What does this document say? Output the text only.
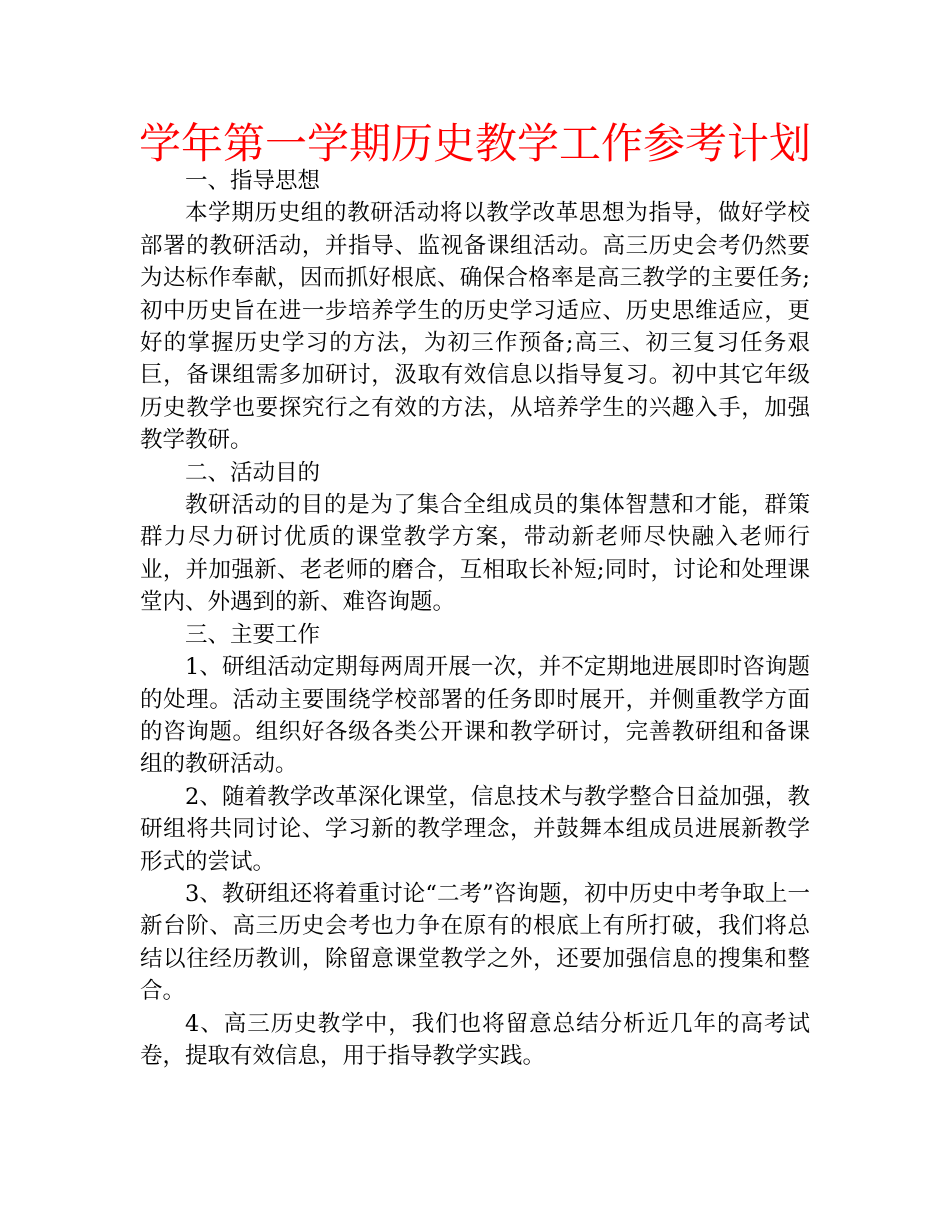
学年第一学期历史教学工作参考计划

一、指导思想

本学期历史组的教研活动将以教学改革思想为指导，做好学校部署的教研活动，并指导、监视备课组活动。高三历史会考仍然要为达标作奉献，因而抓好根底、确保合格率是高三教学的主要任务;初中历史旨在进一步培养学生的历史学习适应、历史思维适应，更好的掌握历史学习的方法，为初三作预备;高三、初三复习任务艰巨，备课组需多加研讨，汲取有效信息以指导复习。初中其它年级历史教学也要探究行之有效的方法，从培养学生的兴趣入手，加强教学教研。

二、活动目的

教研活动的目的是为了集合全组成员的集体智慧和才能，群策群力尽力研讨优质的课堂教学方案，带动新老师尽快融入老师行业，并加强新、老老师的磨合，互相取长补短;同时，讨论和处理课堂内、外遇到的新、难咨询题。

三、主要工作

1、研组活动定期每两周开展一次，并不定期地进展即时咨询题的处理。活动主要围绕学校部署的任务即时展开，并侧重教学方面的咨询题。组织好各级各类公开课和教学研讨，完善教研组和备课组的教研活动。

2、随着教学改革深化课堂，信息技术与教学整合日益加强，教研组将共同讨论、学习新的教学理念，并鼓舞本组成员进展新教学形式的尝试。

3、教研组还将着重讨论“二考”咨询题，初中历史中考争取上一新台阶、高三历史会考也力争在原有的根底上有所打破，我们将总结以往经历教训，除留意课堂教学之外，还要加强信息的搜集和整合。

4、高三历史教学中，我们也将留意总结分析近几年的高考试卷，提取有效信息，用于指导教学实践。
